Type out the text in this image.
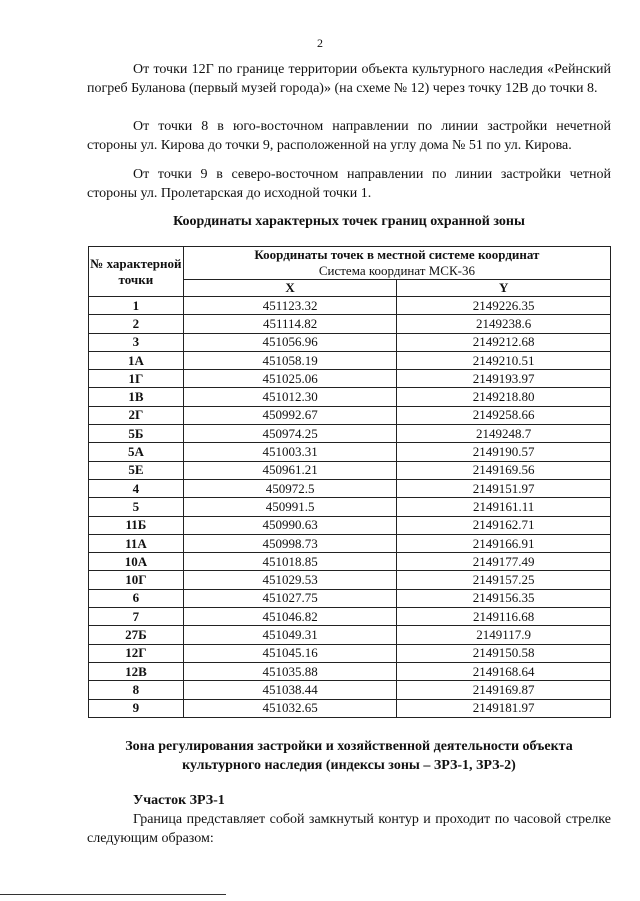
2

От точки 12Г по границе территории объекта культурного наследия «Рейнский погреб Буланова (первый музей города)» (на схеме № 12) через точку 12В до точки 8.

От точки 8 в юго-восточном направлении по линии застройки нечетной стороны ул. Кирова до точки 9, расположенной на углу дома № 51 по ул. Кирова.

От точки 9 в северо-восточном направлении по линии застройки четной стороны ул. Пролетарская до исходной точки 1.

Координаты характерных точек границ охранной зоны

№ характерной точки	Координаты точек в местной системе координат
Система координат МСК-36	

	X	Y
1	451123.32	2149226.35
2	451114.82	2149238.6
3	451056.96	2149212.68
1А	451058.19	2149210.51
1Г	451025.06	2149193.97
1В	451012.30	2149218.80
2Г	450992.67	2149258.66
5Б	450974.25	2149248.7
5А	451003.31	2149190.57
5Е	450961.21	2149169.56
4	450972.5	2149151.97
5	450991.5	2149161.11
11Б	450990.63	2149162.71
11А	450998.73	2149166.91
10А	451018.85	2149177.49
10Г	451029.53	2149157.25
6	451027.75	2149156.35
7	451046.82	2149116.68
27Б	451049.31	2149117.9
12Г	451045.16	2149150.58
12В	451035.88	2149168.64
8	451038.44	2149169.87
9	451032.65	2149181.97

Зона регулирования застройки и хозяйственной деятельности объекта культурного наследия (индексы зоны – ЗРЗ-1, ЗРЗ-2)

Участок ЗРЗ-1

Граница представляет собой замкнутый контур и проходит по часовой стрелке следующим образом:
